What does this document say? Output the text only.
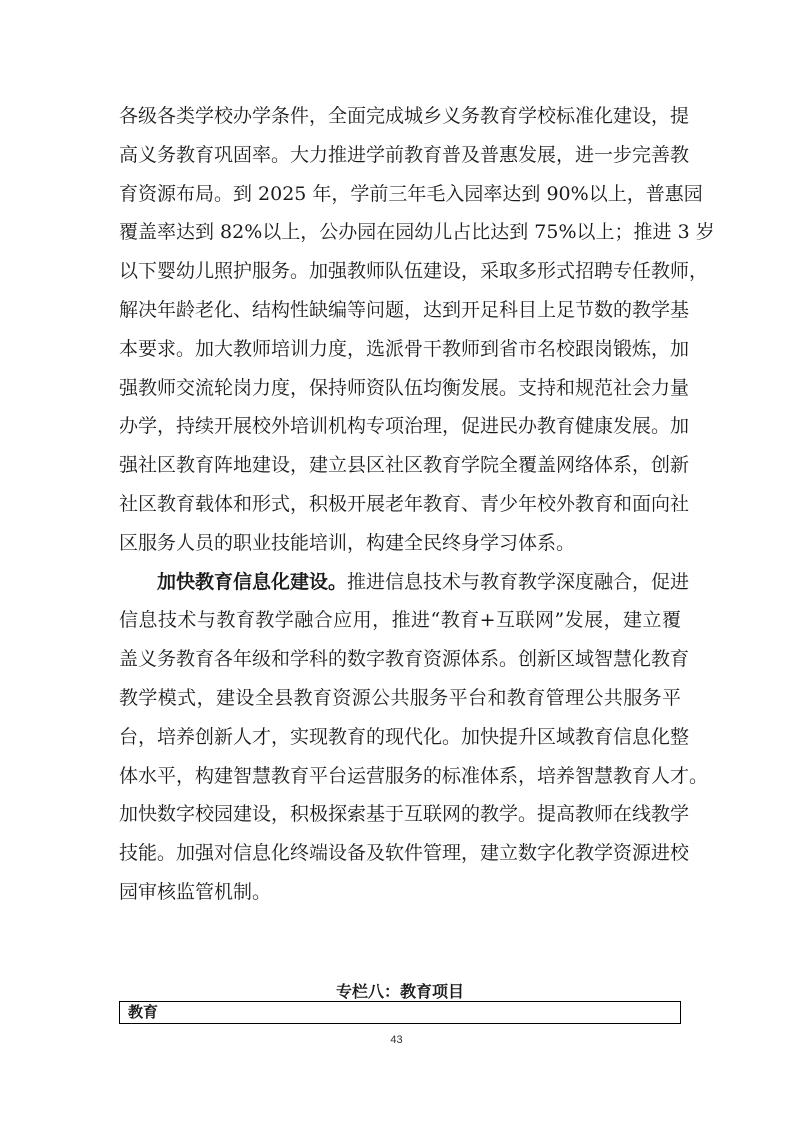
各级各类学校办学条件，全面完成城乡义务教育学校标准化建设，提
高义务教育巩固率。大力推进学前教育普及普惠发展，进一步完善教
育资源布局。到 2025 年，学前三年毛入园率达到 90%以上，普惠园
覆盖率达到 82%以上，公办园在园幼儿占比达到 75%以上；推进 3 岁
以下婴幼儿照护服务。加强教师队伍建设，采取多形式招聘专任教师，
解决年龄老化、结构性缺编等问题，达到开足科目上足节数的教学基
本要求。加大教师培训力度，选派骨干教师到省市名校跟岗锻炼，加
强教师交流轮岗力度，保持师资队伍均衡发展。支持和规范社会力量
办学，持续开展校外培训机构专项治理，促进民办教育健康发展。加
强社区教育阵地建设，建立县区社区教育学院全覆盖网络体系，创新
社区教育载体和形式，积极开展老年教育、青少年校外教育和面向社
区服务人员的职业技能培训，构建全民终身学习体系。
加快教育信息化建设。推进信息技术与教育教学深度融合，促进
信息技术与教育教学融合应用，推进“教育+互联网”发展，建立覆
盖义务教育各年级和学科的数字教育资源体系。创新区域智慧化教育
教学模式，建设全县教育资源公共服务平台和教育管理公共服务平
台，培养创新人才，实现教育的现代化。加快提升区域教育信息化整
体水平，构建智慧教育平台运营服务的标准体系，培养智慧教育人才。
加快数字校园建设，积极探索基于互联网的教学。提高教师在线教学
技能。加强对信息化终端设备及软件管理，建立数字化教学资源进校
园审核监管机制。
专栏八：教育项目
教育
43
